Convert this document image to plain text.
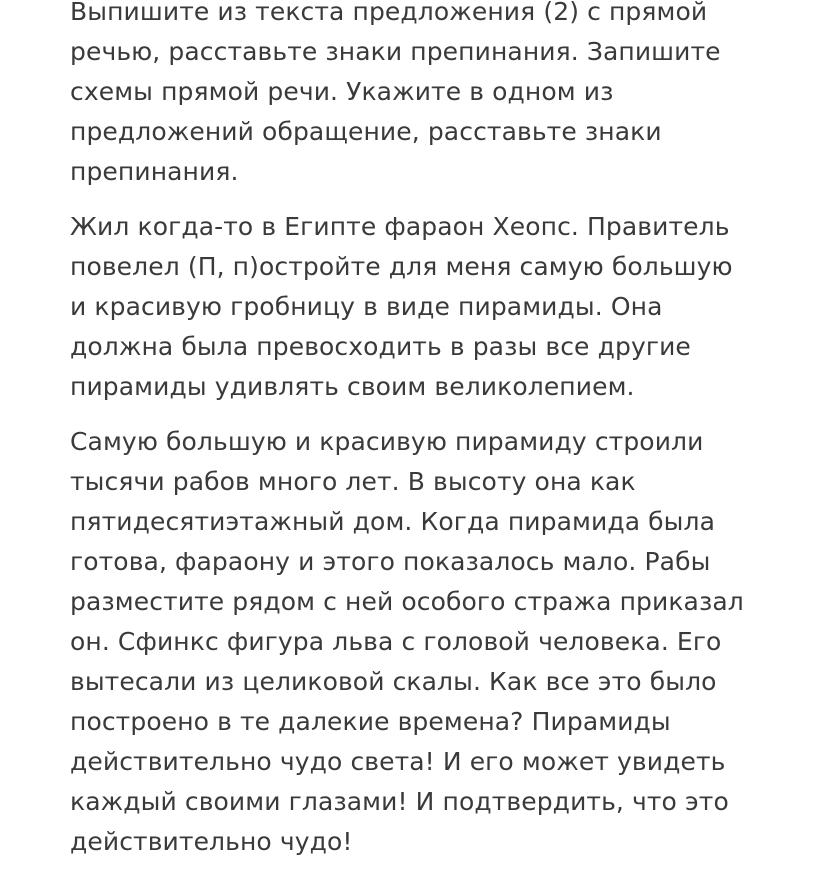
Выпишите из текста предложения (2) с прямой
речью, расставьте знаки препинания. Запишите
схемы прямой речи. Укажите в одном из
предложений обращение, расставьте знаки
препинания.

Жил когда-то в Египте фараон Хеопс. Правитель
повелел (П, п)остройте для меня самую большую
и красивую гробницу в виде пирамиды. Она
должна была превосходить в разы все другие
пирамиды удивлять своим великолепием.

Самую большую и красивую пирамиду строили
тысячи рабов много лет. В высоту она как
пятидесятиэтажный дом. Когда пирамида была
готова, фараону и этого показалось мало. Рабы
разместите рядом с ней особого стража приказал
он. Сфинкс фигура льва с головой человека. Его
вытесали из целиковой скалы. Как все это было
построено в те далекие времена? Пирамиды
действительно чудо света! И его может увидеть
каждый своими глазами! И подтвердить, что это
действительно чудо!
